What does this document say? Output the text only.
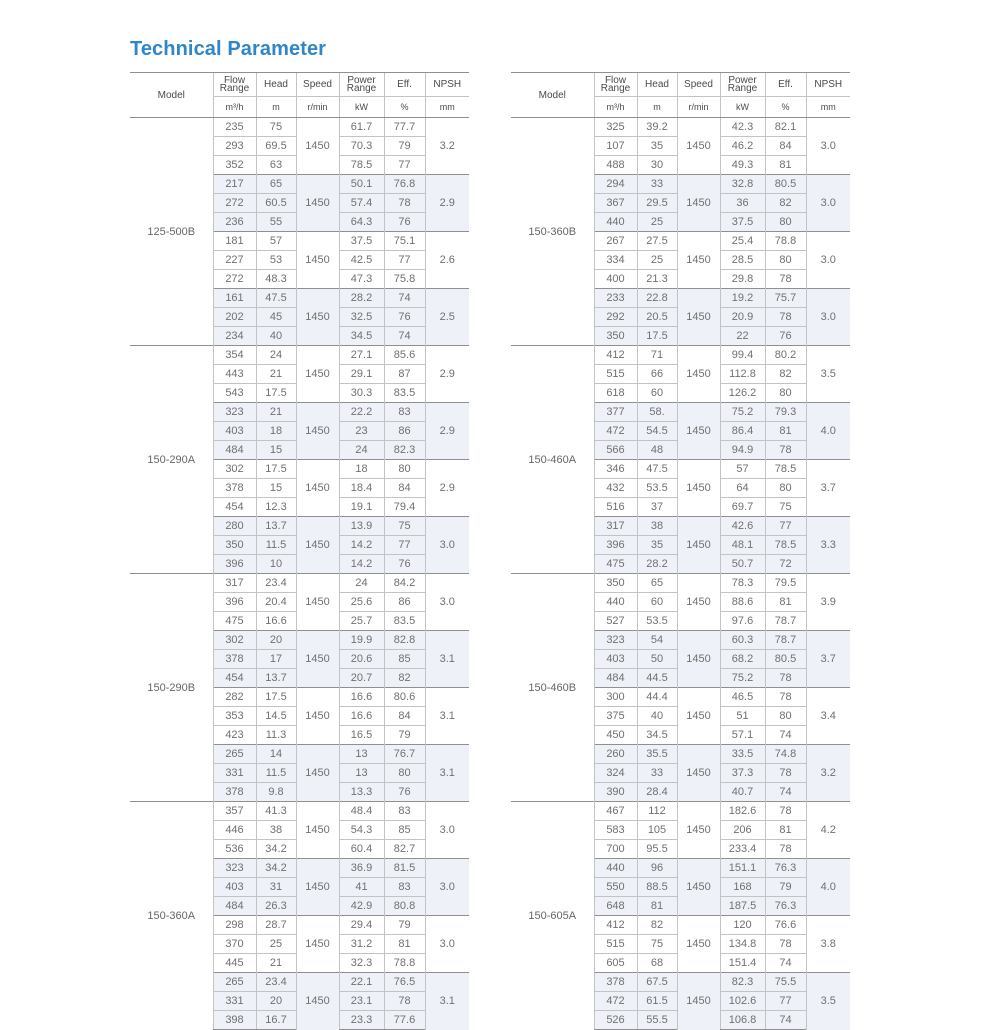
Technical Parameter
Model	Flow
Range	Head	Speed	Power
Range	Eff.	NPSH
	m³/h	m	r/min	kW	%	mm
125-500B	235	75	1450	61.7	77.7	3.2
	293	69.5		70.3	79	
	352	63		78.5	77	
	217	65	1450	50.1	76.8	2.9
	272	60.5		57.4	78	
	236	55		64.3	76	
	181	57	1450	37.5	75.1	2.6
	227	53		42.5	77	
	272	48.3		47.3	75.8	
	161	47.5	1450	28.2	74	2.5
	202	45		32.5	76	
	234	40		34.5	74	
150-290A	354	24	1450	27.1	85.6	2.9
	443	21		29.1	87	
	543	17.5		30.3	83.5	
	323	21	1450	22.2	83	2.9
	403	18		23	86	
	484	15		24	82.3	
	302	17.5	1450	18	80	2.9
	378	15		18.4	84	
	454	12.3		19.1	79.4	
	280	13.7	1450	13.9	75	3.0
	350	11.5		14.2	77	
	396	10		14.2	76	
150-290B	317	23.4	1450	24	84.2	3.0
	396	20.4		25.6	86	
	475	16.6		25.7	83.5	
	302	20	1450	19.9	82.8	3.1
	378	17		20.6	85	
	454	13.7		20.7	82	
	282	17.5	1450	16.6	80.6	3.1
	353	14.5		16.6	84	
	423	11.3		16.5	79	
	265	14	1450	13	76.7	3.1
	331	11.5		13	80	
	378	9.8		13.3	76	
150-360A	357	41.3	1450	48.4	83	3.0
	446	38		54.3	85	
	536	34.2		60.4	82.7	
	323	34.2	1450	36.9	81.5	3.0
	403	31		41	83	
	484	26.3		42.9	80.8	
	298	28.7	1450	29.4	79	3.0
	370	25		31.2	81	
	445	21		32.3	78.8	
	265	23.4	1450	22.1	76.5	3.1
	331	20		23.1	78	
	398	16.7		23.3	77.6	
Model	Flow
Range	Head	Speed	Power
Range	Eff.	NPSH
	m³/h	m	r/min	kW	%	mm
150-360B	325	39.2	1450	42.3	82.1	3.0
	107	35		46.2	84	
	488	30		49.3	81	
	294	33	1450	32.8	80.5	3.0
	367	29.5		36	82	
	440	25		37.5	80	
	267	27.5	1450	25.4	78.8	3.0
	334	25		28.5	80	
	400	21.3		29.8	78	
	233	22.8	1450	19.2	75.7	3.0
	292	20.5		20.9	78	
	350	17.5		22	76	
150-460A	412	71	1450	99.4	80.2	3.5
	515	66		112.8	82	
	618	60		126.2	80	
	377	58.	1450	75.2	79.3	4.0
	472	54.5		86.4	81	
	566	48		94.9	78	
	346	47.5	1450	57	78.5	3.7
	432	53.5		64	80	
	516	37		69.7	75	
	317	38	1450	42.6	77	3.3
	396	35		48.1	78.5	
	475	28.2		50.7	72	
150-460B	350	65	1450	78.3	79.5	3.9
	440	60		88.6	81	
	527	53.5		97.6	78.7	
	323	54	1450	60.3	78.7	3.7
	403	50		68.2	80.5	
	484	44.5		75.2	78	
	300	44.4	1450	46.5	78	3.4
	375	40		51	80	
	450	34.5		57.1	74	
	260	35.5	1450	33.5	74.8	3.2
	324	33		37.3	78	
	390	28.4		40.7	74	
150-605A	467	112	1450	182.6	78	4.2
	583	105		206	81	
	700	95.5		233.4	78	
	440	96	1450	151.1	76.3	4.0
	550	88.5		168	79	
	648	81		187.5	76.3	
	412	82	1450	120	76.6	3.8
	515	75		134.8	78	
	605	68		151.4	74	
	378	67.5	1450	82.3	75.5	3.5
	472	61.5		102.6	77	
	526	55.5		106.8	74	
